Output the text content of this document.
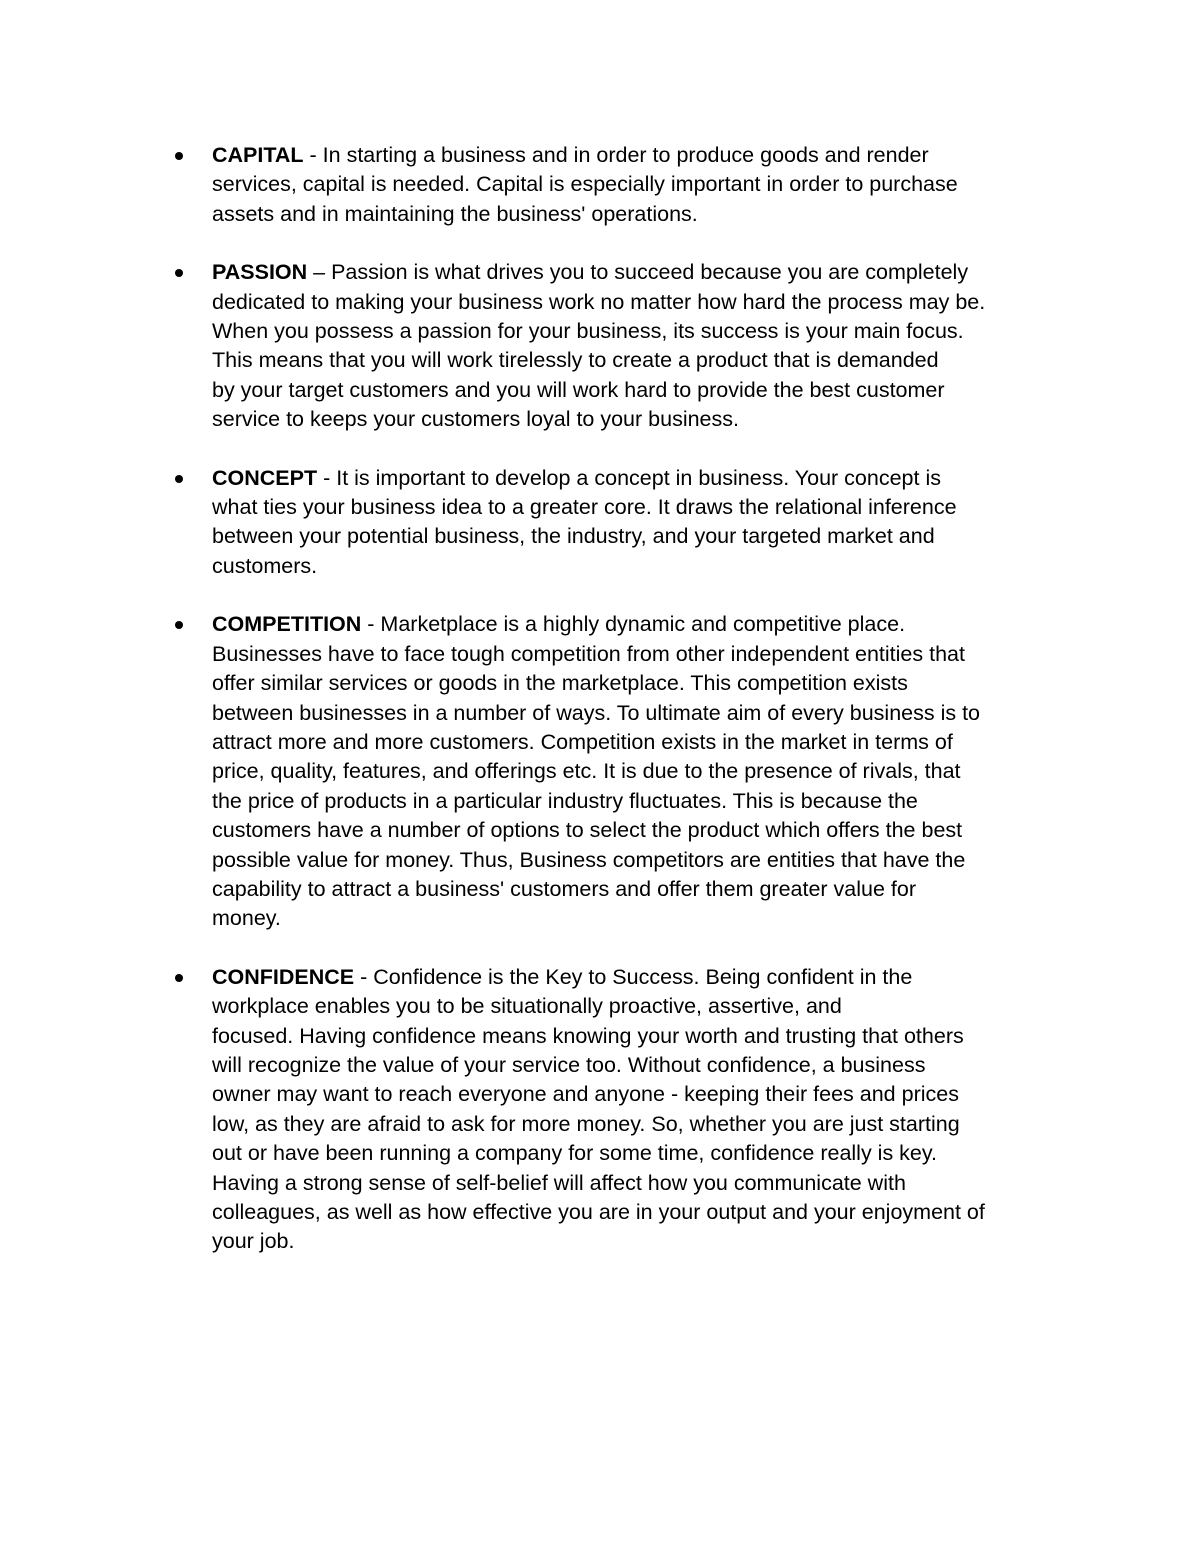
CAPITAL - In starting a business and in order to produce goods and render
services, capital is needed. Capital is especially important in order to purchase
assets and in maintaining the business' operations.
PASSION – Passion is what drives you to succeed because you are completely
dedicated to making your business work no matter how hard the process may be.
When you possess a passion for your business, its success is your main focus.
This means that you will work tirelessly to create a product that is demanded
by your target customers and you will work hard to provide the best customer
service to keeps your customers loyal to your business.
CONCEPT - It is important to develop a concept in business. Your concept is
what ties your business idea to a greater core. It draws the relational inference
between your potential business, the industry, and your targeted market and
customers.
COMPETITION - Marketplace is a highly dynamic and competitive place.
Businesses have to face tough competition from other independent entities that
offer similar services or goods in the marketplace. This competition exists
between businesses in a number of ways. To ultimate aim of every business is to
attract more and more customers. Competition exists in the market in terms of
price, quality, features, and offerings etc. It is due to the presence of rivals, that
the price of products in a particular industry fluctuates. This is because the
customers have a number of options to select the product which offers the best
possible value for money. Thus, Business competitors are entities that have the
capability to attract a business' customers and offer them greater value for
money.
CONFIDENCE - Confidence is the Key to Success. Being confident in the
workplace enables you to be situationally proactive, assertive, and
focused. Having confidence means knowing your worth and trusting that others
will recognize the value of your service too. Without confidence, a business
owner may want to reach everyone and anyone - keeping their fees and prices
low, as they are afraid to ask for more money. So, whether you are just starting
out or have been running a company for some time, confidence really is key.
Having a strong sense of self-belief will affect how you communicate with
colleagues, as well as how effective you are in your output and your enjoyment of
your job.
